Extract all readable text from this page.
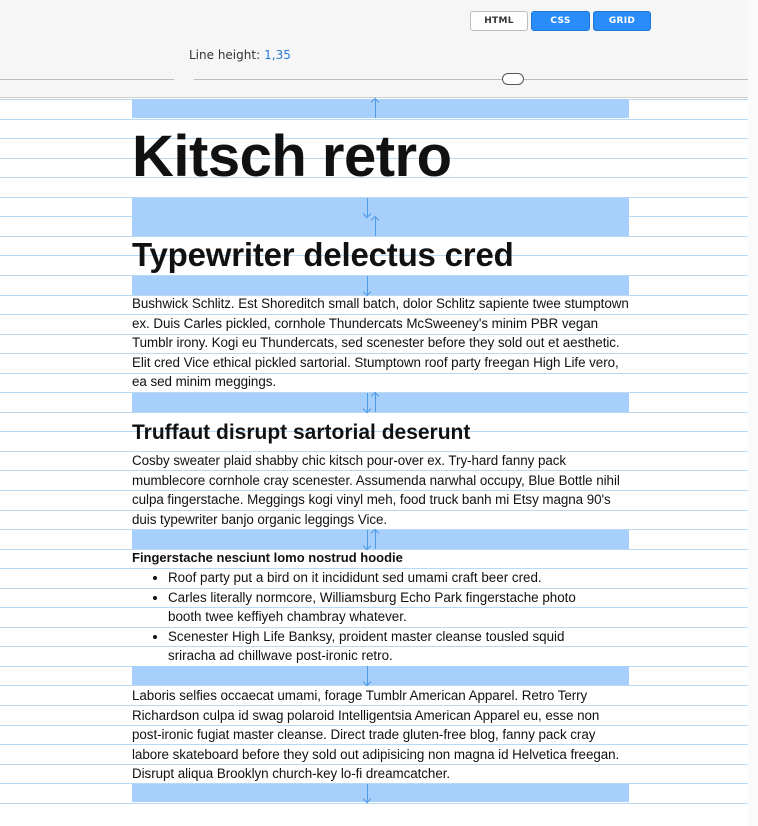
HTML	CSS	GRID
Line height: 1,35
Kitsch retro
Typewriter delectus cred

Bushwick Schlitz. Est Shoreditch small batch, dolor Schlitz sapiente twee stumptown ex. Duis Carles pickled, cornhole Thundercats McSweeney's minim PBR vegan Tumblr irony. Kogi eu Thundercats, sed scenester before they sold out et aesthetic. Elit cred Vice ethical pickled sartorial. Stumptown roof party freegan High Life vero, ea sed minim meggings.

Truffaut disrupt sartorial deserunt

Cosby sweater plaid shabby chic kitsch pour-over ex. Try-hard fanny pack mumblecore cornhole cray scenester. Assumenda narwhal occupy, Blue Bottle nihil culpa fingerstache. Meggings kogi vinyl meh, food truck banh mi Etsy magna 90's duis typewriter banjo organic leggings Vice.

Fingerstache nesciunt lomo nostrud hoodie
• Roof party put a bird on it incididunt sed umami craft beer cred.
• Carles literally normcore, Williamsburg Echo Park fingerstache photo booth twee keffiyeh chambray whatever.
• Scenester High Life Banksy, proident master cleanse tousled squid sriracha ad chillwave post-ironic retro.

Laboris selfies occaecat umami, forage Tumblr American Apparel. Retro Terry Richardson culpa id swag polaroid Intelligentsia American Apparel eu, esse non post-ironic fugiat master cleanse. Direct trade gluten-free blog, fanny pack cray labore skateboard before they sold out adipisicing non magna id Helvetica freegan. Disrupt aliqua Brooklyn church-key lo-fi dreamcatcher.
